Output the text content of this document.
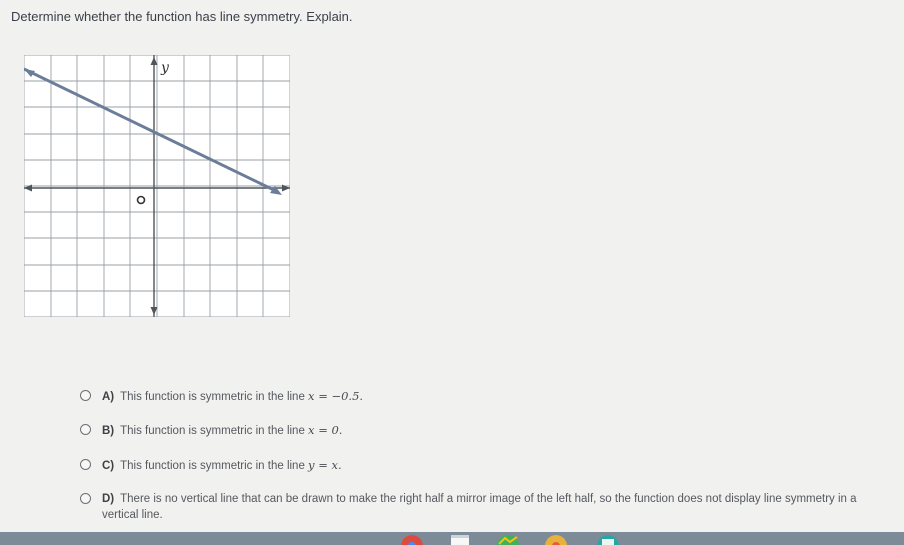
Determine whether the function has line symmetry. Explain.
y
A) This function is symmetric in the line x = −0.5.
B) This function is symmetric in the line x = 0.
C) This function is symmetric in the line y = x.
D) There is no vertical line that can be drawn to make the right half a mirror image of the left half, so the function does not display line symmetry in a vertical line.
